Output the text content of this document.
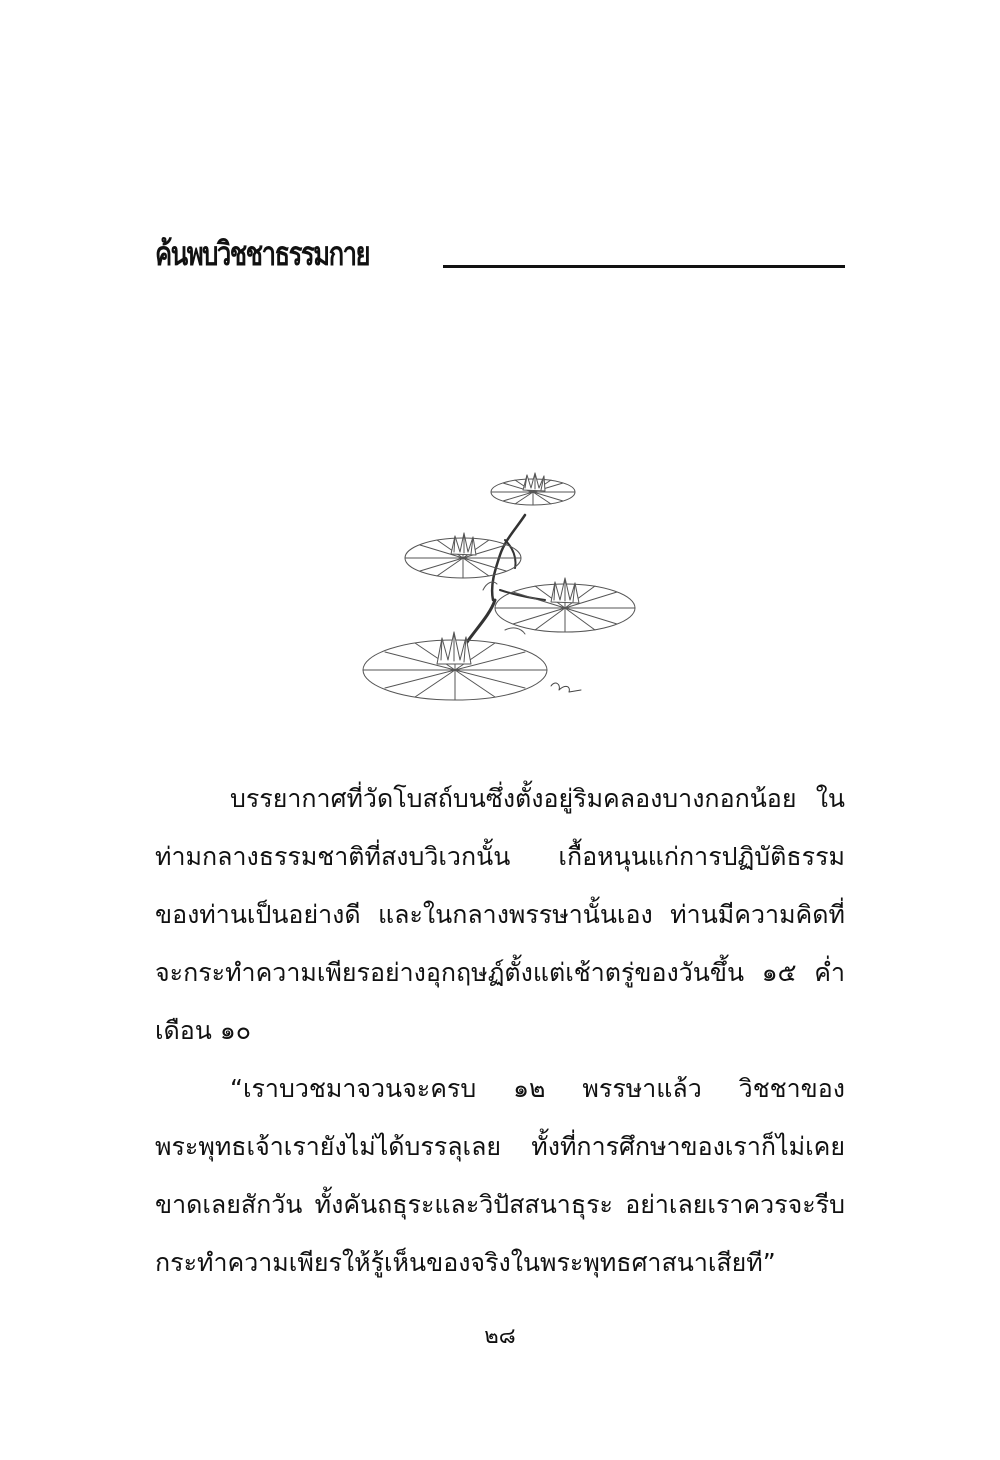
ค้นพบวิชชาธรรมกาย

บรรยากาศที่วัดโบสถ์บนซึ่งตั้งอยู่ริมคลองบางกอกน้อย ในท่ามกลางธรรมชาติที่สงบวิเวกนั้น เกื้อหนุนแก่การปฏิบัติธรรมของท่านเป็นอย่างดี และในกลางพรรษานั้นเอง ท่านมีความคิดที่จะกระทำความเพียรอย่างอุกฤษฏ์ตั้งแต่เช้าตรู่ของวันขึ้น ๑๕ ค่ำเดือน ๑๐

“เราบวชมาจวนจะครบ ๑๒ พรรษาแล้ว วิชชาของพระพุทธเจ้าเรายังไม่ได้บรรลุเลย ทั้งที่การศึกษาของเราก็ไม่เคยขาดเลยสักวัน ทั้งคันถธุระและวิปัสสนาธุระ อย่าเลยเราควรจะรีบกระทำความเพียรให้รู้เห็นของจริงในพระพุทธศาสนาเสียที”

๒๘
